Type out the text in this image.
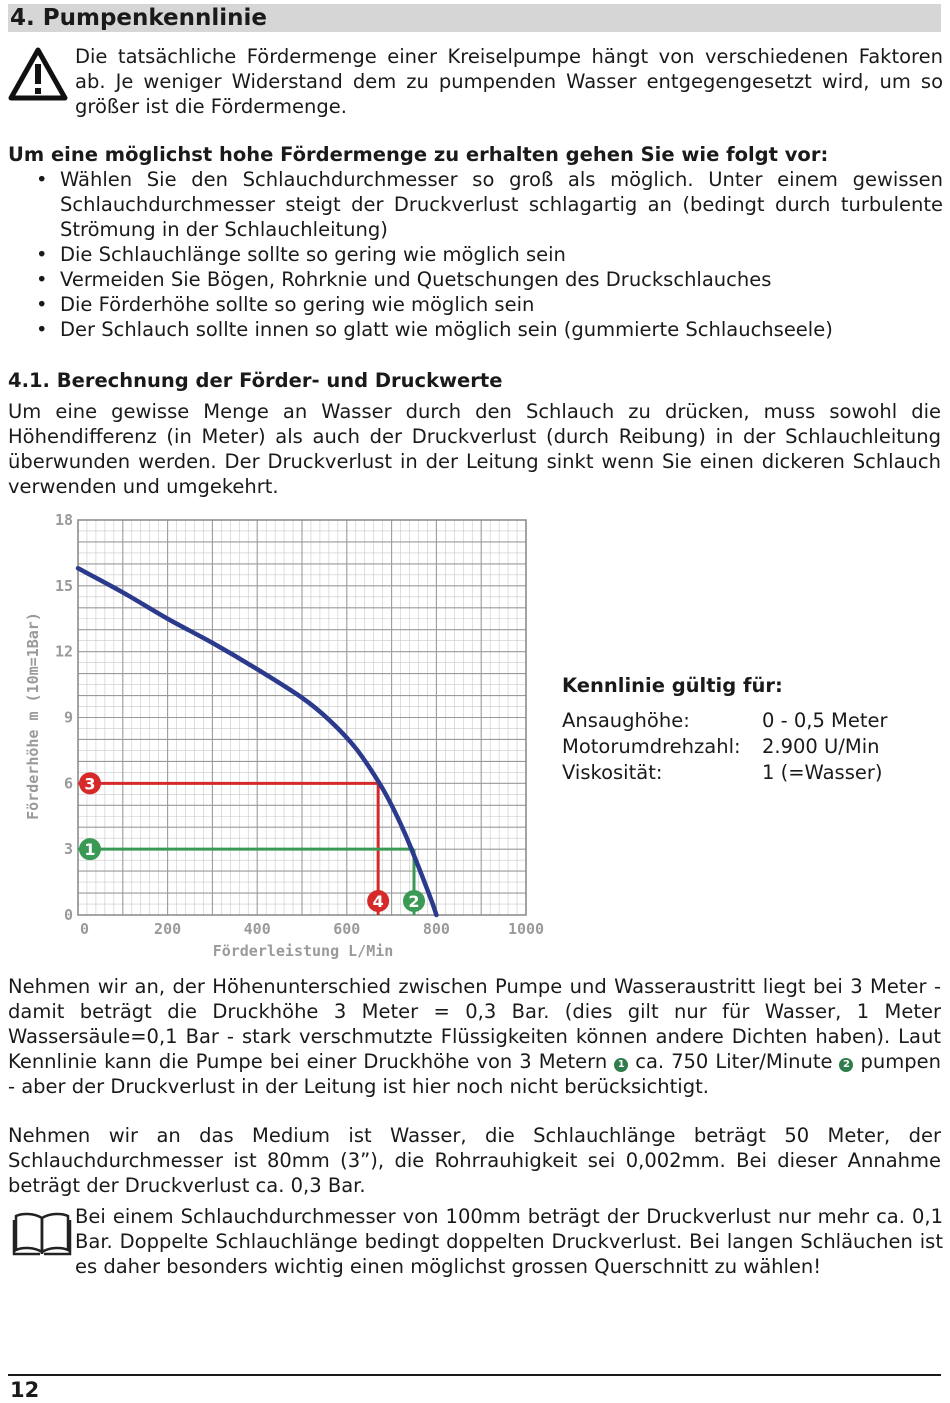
4. Pumpenkennlinie
Die tatsächliche Fördermenge einer Kreiselpumpe hängt von verschiedenen Faktoren ab. Je weniger Widerstand dem zu pumpenden Wasser entgegengesetzt wird, um so größer ist die Fördermenge.
Um eine möglichst hohe Fördermenge zu erhalten gehen Sie wie folgt vor:
• Wählen Sie den Schlauchdurchmesser so groß als möglich. Unter einem gewissen Schlauchdurchmesser steigt der Druckverlust schlagartig an (bedingt durch turbulente Strömung in der Schlauchleitung)
• Die Schlauchlänge sollte so gering wie möglich sein
• Vermeiden Sie Bögen, Rohrknie und Quetschungen des Druckschlauches
• Die Förderhöhe sollte so gering wie möglich sein
• Der Schlauch sollte innen so glatt wie möglich sein (gummierte Schlauchseele)
4.1. Berechnung der Förder- und Druckwerte
Um eine gewisse Menge an Wasser durch den Schlauch zu drücken, muss sowohl die Höhendifferenz (in Meter) als auch der Druckverlust (durch Reibung) in der Schlauchleitung überwunden werden. Der Druckverlust in der Leitung sinkt wenn Sie einen dickeren Schlauch verwenden und umgekehrt.
0	200	400	600	800	1000
0
3
6
9
12
15
18
Förderleistung L/Min
Förderhöhe m (10m=1Bar)	3
4
1
2
Kennlinie gültig für:
Ansaughöhe:	0 - 0,5 Meter
Motorumdrehzahl:	2.900 U/Min
Viskosität:	1 (=Wasser)
Nehmen wir an, der Höhenunterschied zwischen Pumpe und Wasseraustritt liegt bei 3 Meter - damit beträgt die Druckhöhe 3 Meter = 0,3 Bar. (dies gilt nur für Wasser, 1 Meter Wassersäule=0,1 Bar - stark verschmutzte Flüssigkeiten können andere Dichten haben). Laut Kennlinie kann die Pumpe bei einer Druckhöhe von 3 Metern 1 ca. 750 Liter/Minute 2 pumpen - aber der Druckverlust in der Leitung ist hier noch nicht berücksichtigt.
Nehmen wir an das Medium ist Wasser, die Schlauchlänge beträgt 50 Meter, der Schlauchdurchmesser ist 80mm (3”), die Rohrrauhigkeit sei 0,002mm. Bei dieser Annahme beträgt der Druckverlust ca. 0,3 Bar.
Bei einem Schlauchdurchmesser von 100mm beträgt der Druckverlust nur mehr ca. 0,1 Bar. Doppelte Schlauchlänge bedingt doppelten Druckverlust. Bei langen Schläuchen ist es daher besonders wichtig einen möglichst grossen Querschnitt zu wählen!
12
